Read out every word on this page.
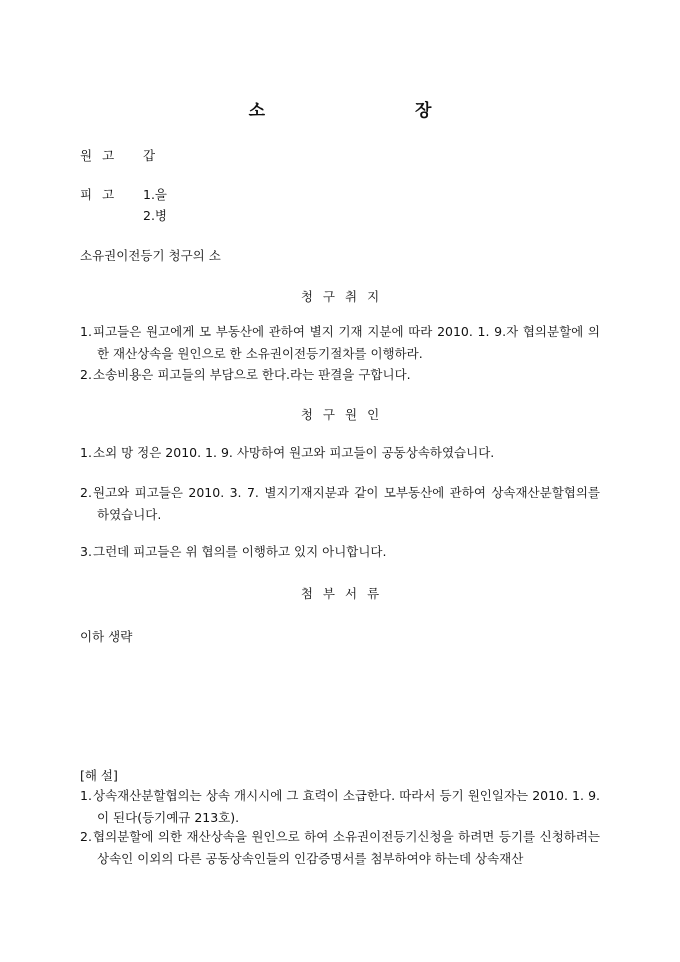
소 장
원고 갑
피고 1.을
2.병
소유권이전등기 청구의 소
청구취지
1. 피고들은 원고에게 모 부동산에 관하여 별지 기재 지분에 따라 2010. 1. 9.자 협의분할에 의한 재산상속을 원인으로 한 소유권이전등기절차를 이행하라.
2. 소송비용은 피고들의 부담으로 한다.라는 판결을 구합니다.
청구원인
1. 소외 망 정은 2010. 1. 9. 사망하여 원고와 피고들이 공동상속하였습니다.
2. 원고와 피고들은 2010. 3. 7. 별지기재지분과 같이 모부동산에 관하여 상속재산분할협의를 하였습니다.
3. 그런데 피고들은 위 협의를 이행하고 있지 아니합니다.
첨부서류
이하 생략
[해 설]
1. 상속재산분할협의는 상속 개시시에 그 효력이 소급한다. 따라서 등기 원인일자는 2010. 1. 9.이 된다(등기예규 213호).
2. 협의분할에 의한 재산상속을 원인으로 하여 소유권이전등기신청을 하려면 등기를 신청하려는 상속인 이외의 다른 공동상속인들의 인감증명서를 첨부하여야 하는데 상속재산
